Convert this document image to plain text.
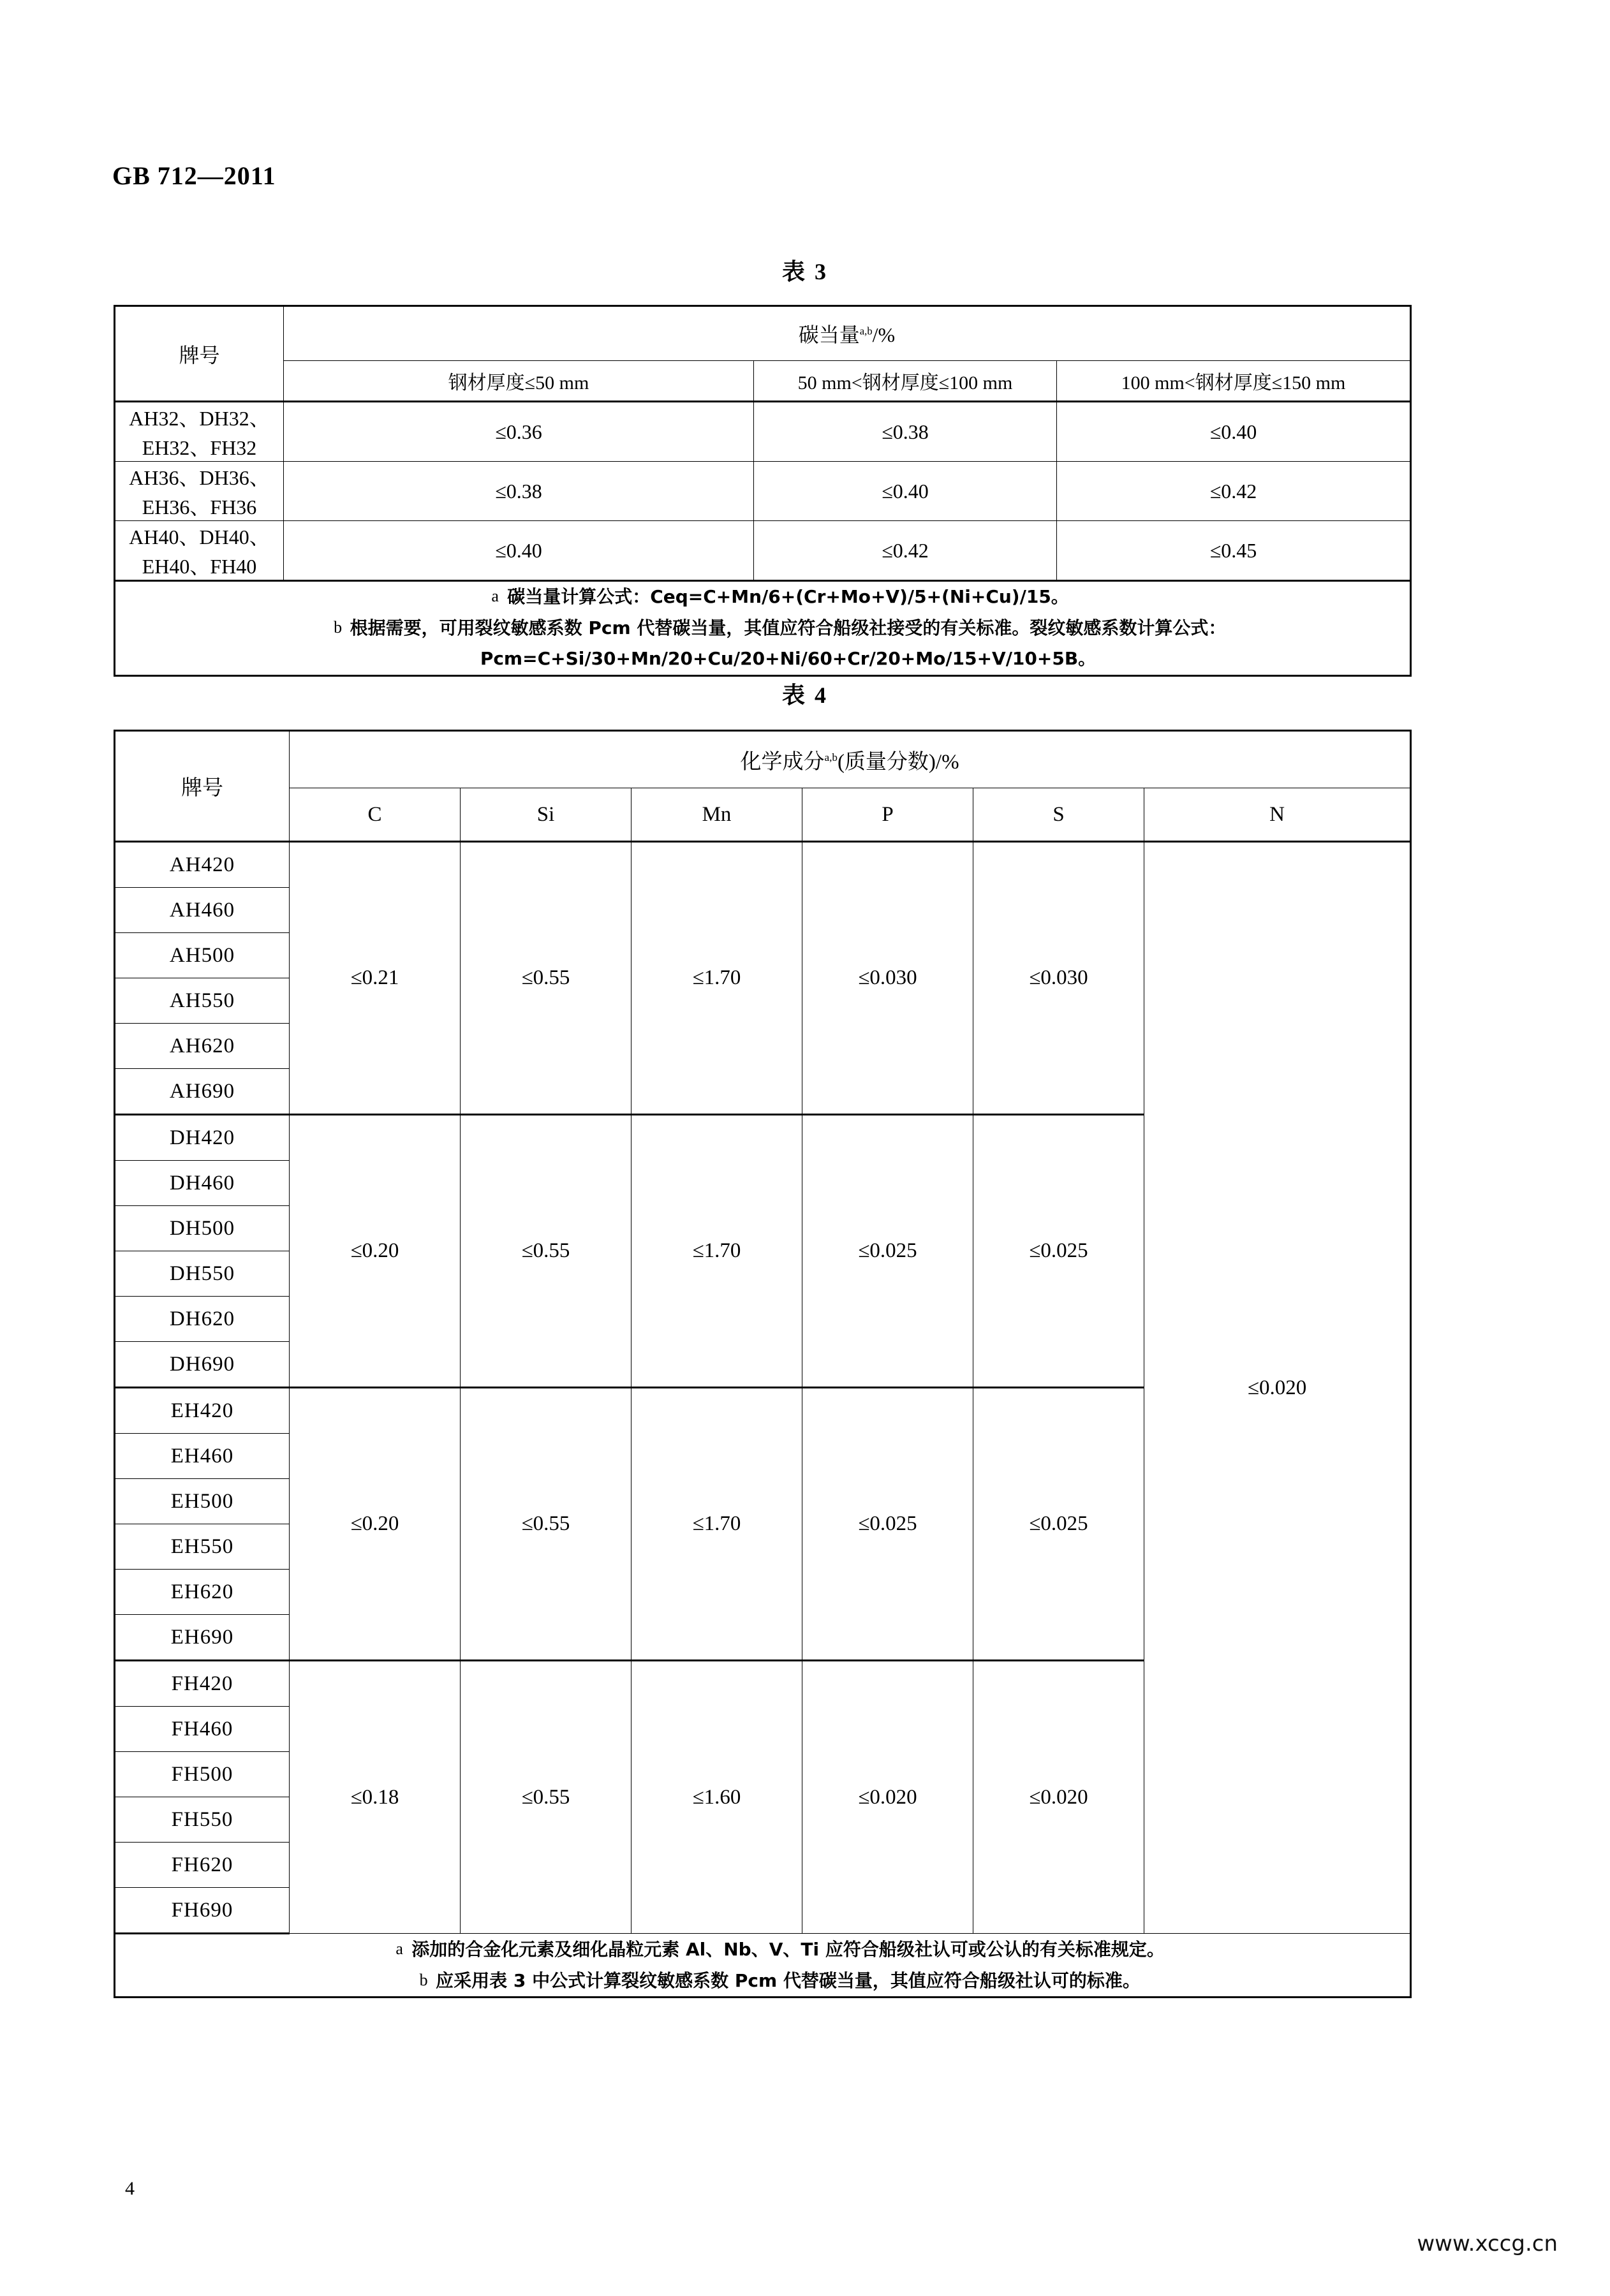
GB 712—2011
表 3
牌号	碳当量$^{a,b}$/%		
	钢材厚度≤50 mm	50 mm<钢材厚度≤100 mm	100 mm<钢材厚度≤150 mm
AH32、DH32、EH32、FH32	≤0.36	≤0.38	≤0.40
AH36、DH36、EH36、FH36	≤0.38	≤0.40	≤0.42
AH40、DH40、EH40、FH40	≤0.40	≤0.42	≤0.45

a 碳当量计算公式：Ceq=C+Mn/6+(Cr+Mo+V)/5+(Ni+Cu)/15。
b 根据需要，可用裂纹敏感系数 Pcm 代替碳当量，其值应符合船级社接受的有关标准。裂纹敏感系数计算公式：
Pcm=C+Si/30+Mn/20+Cu/20+Ni/60+Cr/20+Mo/15+V/10+5B。			
表 4
牌号	化学成分$^{a,b}$(质量分数)/%					
	C	Si	Mn	P	S	N
AH420	≤0.21	≤0.55	≤1.70	≤0.030	≤0.030	≤0.020
AH460						
AH500						
AH550						
AH620						
AH690						
DH420	≤0.20	≤0.55	≤1.70	≤0.025	≤0.025	
DH460						
DH500						
DH550						
DH620						
DH690						
EH420	≤0.20	≤0.55	≤1.70	≤0.025	≤0.025	
EH460						
EH500						
EH550						
EH620						
EH690						
FH420	≤0.18	≤0.55	≤1.60	≤0.020	≤0.020	
FH460						
FH500						
FH550						
FH620						
FH690						

a 添加的合金化元素及细化晶粒元素 Al、Nb、V、Ti 应符合船级社认可或公认的有关标准规定。
b 应采用表 3 中公式计算裂纹敏感系数 Pcm 代替碳当量，其值应符合船级社认可的标准。						
4
www.xccg.cn
